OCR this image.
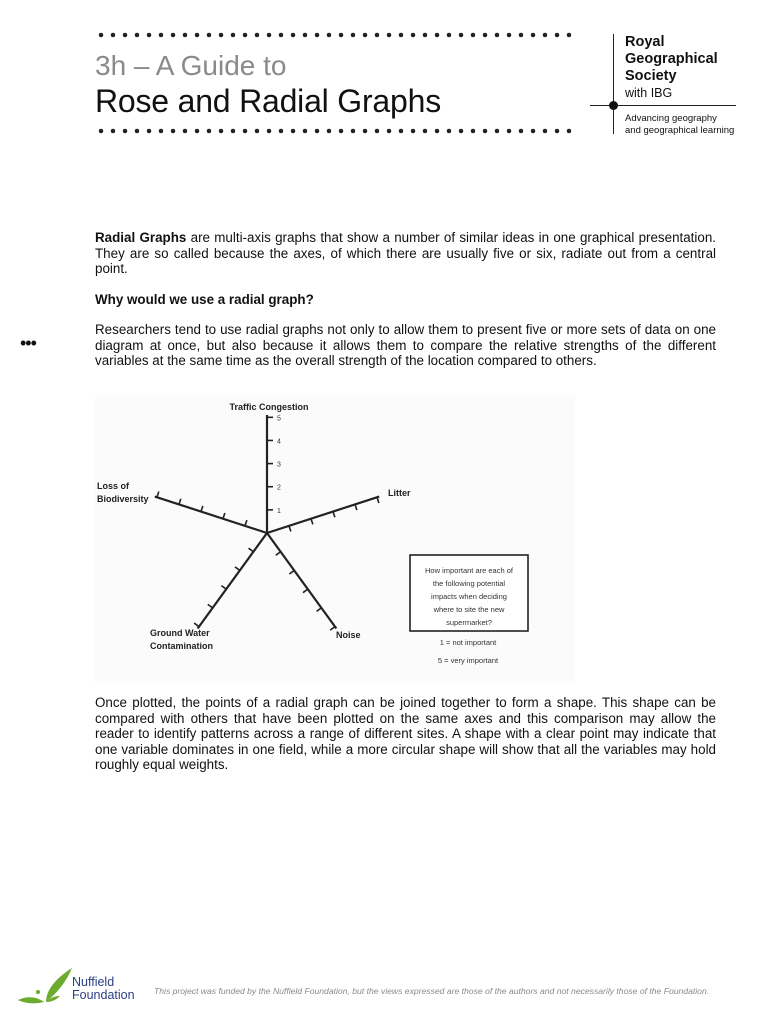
3h – A Guide to
Rose and Radial Graphs
Royal
Geographical
Society
with IBG
Advancing geography
and geographical learning

Radial Graphs are multi-axis graphs that show a number of similar ideas in one graphical presentation. They are so called because the axes, of which there are usually five or six, radiate out from a central point.

Why would we use a radial graph?

•••

Researchers tend to use radial graphs not only to allow them to present five or more sets of data on one diagram at once, but also because it allows them to compare the relative strengths of the different variables at the same time as the overall strength of the location compared to others.

1
2
3
4
5
Traffic Congestion
Litter
Noise
Ground Water
Contamination
Loss of
Biodiversity
How important are each of
the following potential
impacts when deciding
where to site the new
supermarket?
1 = not important
5 = very important

Once plotted, the points of a radial graph can be joined together to form a shape. This shape can be compared with others that have been plotted on the same axes and this comparison may allow the reader to identify patterns across a range of different sites. A shape with a clear point may indicate that one variable dominates in one field, while a more circular shape will show that all the variables may hold roughly equal weights.

Nuffield
Foundation This project was funded by the Nuffield Foundation, but the views expressed are those of the authors and not necessarily those of the Foundation.
